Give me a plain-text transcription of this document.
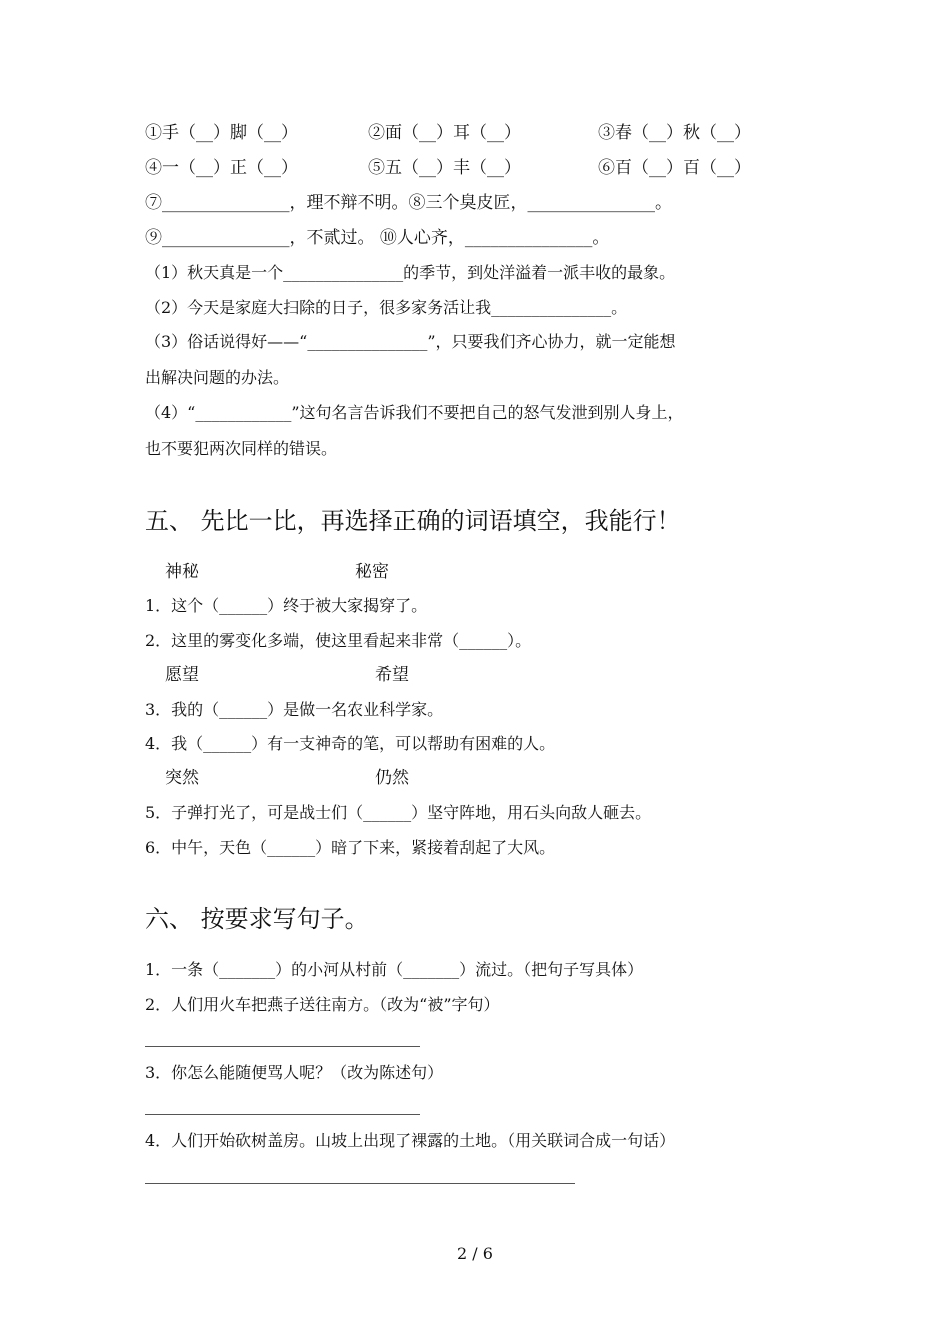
①手（__）脚（__）	②面（__）耳（__）	③春（__）秋（__）
④一（__）正（__）	⑤五（__）丰（__）	⑥百（__）百（__）
⑦_______________，理不辩不明。⑧三个臭皮匠，_______________。
⑨_______________，不贰过。 ⑩人心齐，_______________。
（1）秋天真是一个_______________的季节，到处洋溢着一派丰收的最象。
（2）今天是家庭大扫除的日子，很多家务活让我_______________。
（3）俗话说得好——“_______________”，只要我们齐心协力，就一定能想
出解决问题的办法。
（4）“____________”这句名言告诉我们不要把自己的怒气发泄到别人身上，
也不要犯两次同样的错误。
五、 先比一比，再选择正确的词语填空，我能行！
神秘	秘密
1．这个（______）终于被大家揭穿了。
2．这里的雾变化多端，使这里看起来非常（______）。
愿望	希望
3．我的（______）是做一名农业科学家。
4．我（______）有一支神奇的笔，可以帮助有困难的人。
突然	仍然
5．子弹打光了，可是战士们（______）坚守阵地，用石头向敌人砸去。
6．中午，天色（______）暗了下来，紧接着刮起了大风。
六、 按要求写句子。
1．一条（_______）的小河从村前（_______）流过。（把句子写具体）
2．人们用火车把燕子送往南方。（改为“被”字句）
3．你怎么能随便骂人呢？（改为陈述句）
4．人们开始砍树盖房。山坡上出现了裸露的土地。（用关联词合成一句话）
2 / 6
